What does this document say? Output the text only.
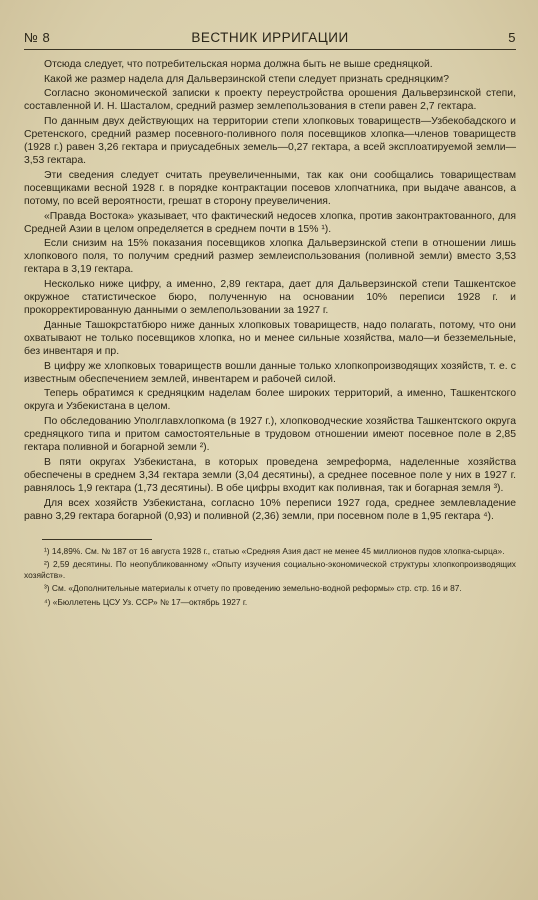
№ 8	ВЕСТНИК ИРРИГАЦИИ	5

Отсюда следует, что потребительская норма должна быть не выше средняцкой.

Какой же размер надела для Дальверзинской степи следует признать средняцким?

Согласно экономической записки к проекту переустройства орошения Дальверзинской степи, составленной И. Н. Шасталом, средний размер землепользования в степи равен 2,7 гектара.

По данным двух действующих на территории степи хлопковых товариществ—Узбекобадского и Сретенского, средний размер посевного-поливного поля посевщиков хлопка—членов товариществ (1928 г.) равен 3,26 гектара и приусадебных земель—0,27 гектара, а всей эксплоатируемой земли—3,53 гектара.

Эти сведения следует считать преувеличенными, так как они сообщались товариществам посевщиками весной 1928 г. в порядке контрактации посевов хлопчатника, при выдаче авансов, а потому, по всей вероятности, грешат в сторону преувеличения.

«Правда Востока» указывает, что фактический недосев хлопка, против законтрактованного, для Средней Азии в целом определяется в среднем почти в 15% ¹).

Если снизим на 15% показания посевщиков хлопка Дальверзинской степи в отношении лишь хлопкового поля, то получим средний размер землеиспользования (поливной земли) вместо 3,53 гектара в 3,19 гектара.

Несколько ниже цифру, а именно, 2,89 гектара, дает для Дальверзинской степи Ташкентское окружное статистическое бюро, полученную на основании 10% переписи 1928 г. и прокорректированную данными о землепользовании за 1927 г.

Данные Ташокрстатбюро ниже данных хлопковых товариществ, надо полагать, потому, что они охватывают не только посевщиков хлопка, но и менее сильные хозяйства, мало—и безземельные, без инвентаря и пр.

В цифру же хлопковых товариществ вошли данные только хлопкопроизводящих хозяйств, т. е. с известным обеспечением землей, инвентарем и рабочей силой.

Теперь обратимся к средняцким наделам более широких территорий, а именно, Ташкентского округа и Узбекистана в целом.

По обследованию Уполглавхлопкома (в 1927 г.), хлопководческие хозяйства Ташкентского округа средняцкого типа и притом самостоятельные в трудовом отношении имеют посевное поле в 2,85 гектара поливной и богарной земли ²).

В пяти округах Узбекистана, в которых проведена земреформа, наделенные хозяйства обеспечены в среднем 3,34 гектара земли (3,04 десятины), а среднее посевное поле у них в 1927 г. равнялось 1,9 гектара (1,73 десятины). В обе цифры входит как поливная, так и богарная земля ³).

Для всех хозяйств Узбекистана, согласно 10% переписи 1927 года, среднее землевладение равно 3,29 гектара богарной (0,93) и поливной (2,36) земли, при посевном поле в 1,95 гектара ⁴).

¹) 14,89%. См. № 187 от 16 августа 1928 г., статью «Средняя Азия даст не менее 45 миллионов пудов хлопка-сырца».

²) 2,59 десятины. По неопубликованному «Опыту изучения социально-экономической структуры хлопкопроизводящих хозяйств».

³) См. «Дополнительные материалы к отчету по проведению земельно-водной реформы» стр. стр. 16 и 87.

⁴) «Бюллетень ЦСУ Уз. ССР» № 17—октябрь 1927 г.
